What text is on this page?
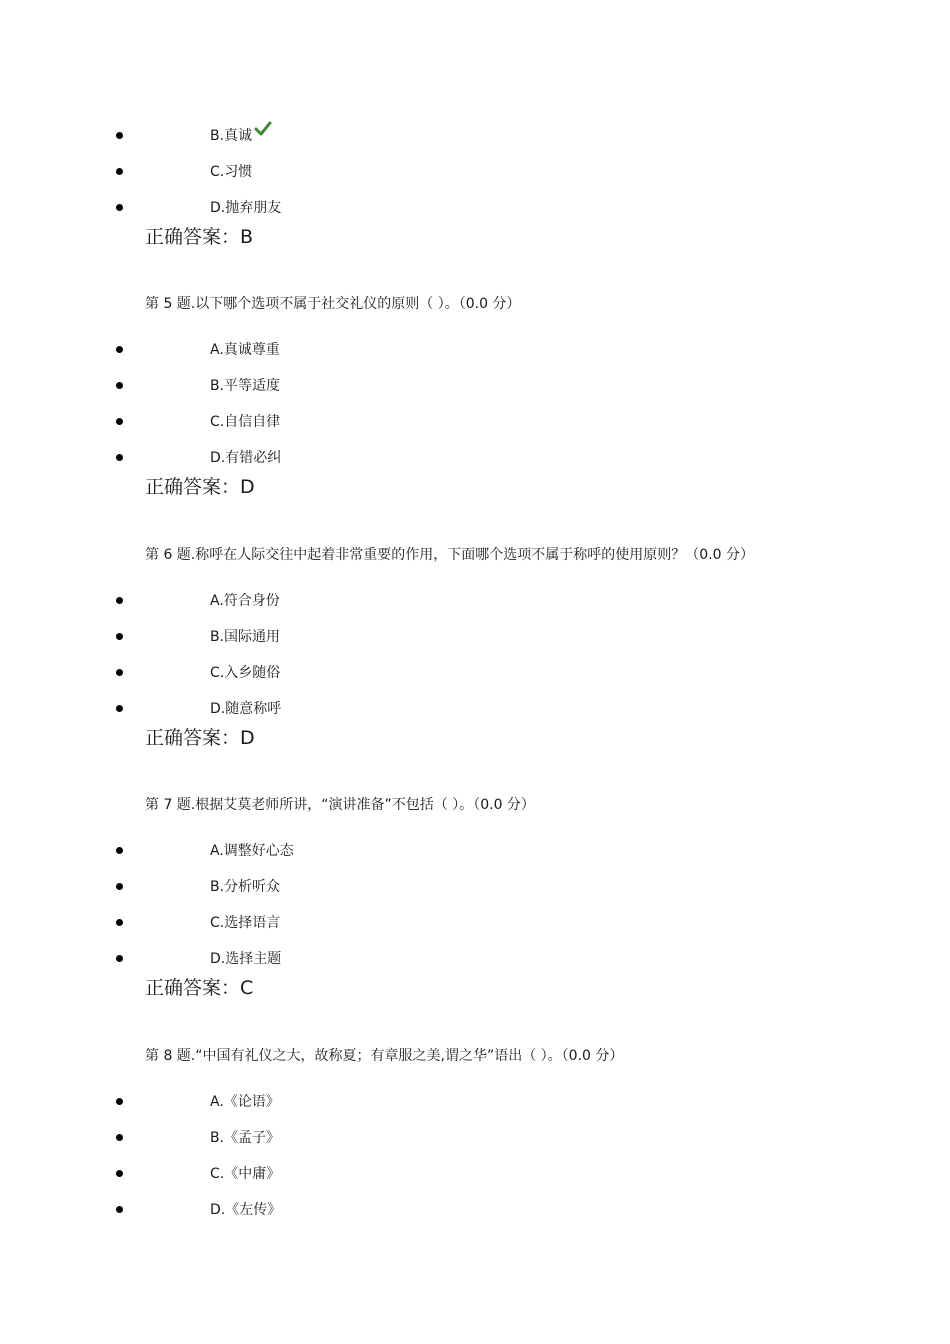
B.真诚
C.习惯
D.抛弃朋友
正确答案：B
第 5 题.以下哪个选项不属于社交礼仪的原则（ ）。（0.0 分）
A.真诚尊重
B.平等适度
C.自信自律
D.有错必纠
正确答案：D
第 6 题.称呼在人际交往中起着非常重要的作用，下面哪个选项不属于称呼的使用原则？（0.0 分）
A.符合身份
B.国际通用
C.入乡随俗
D.随意称呼
正确答案：D
第 7 题.根据艾莫老师所讲，“演讲准备”不包括（ ）。（0.0 分）
A.调整好心态
B.分析听众
C.选择语言
D.选择主题
正确答案：C
第 8 题.“中国有礼仪之大，故称夏；有章服之美,谓之华”语出（ ）。（0.0 分）
A.《论语》
B.《孟子》
C.《中庸》
D.《左传》
